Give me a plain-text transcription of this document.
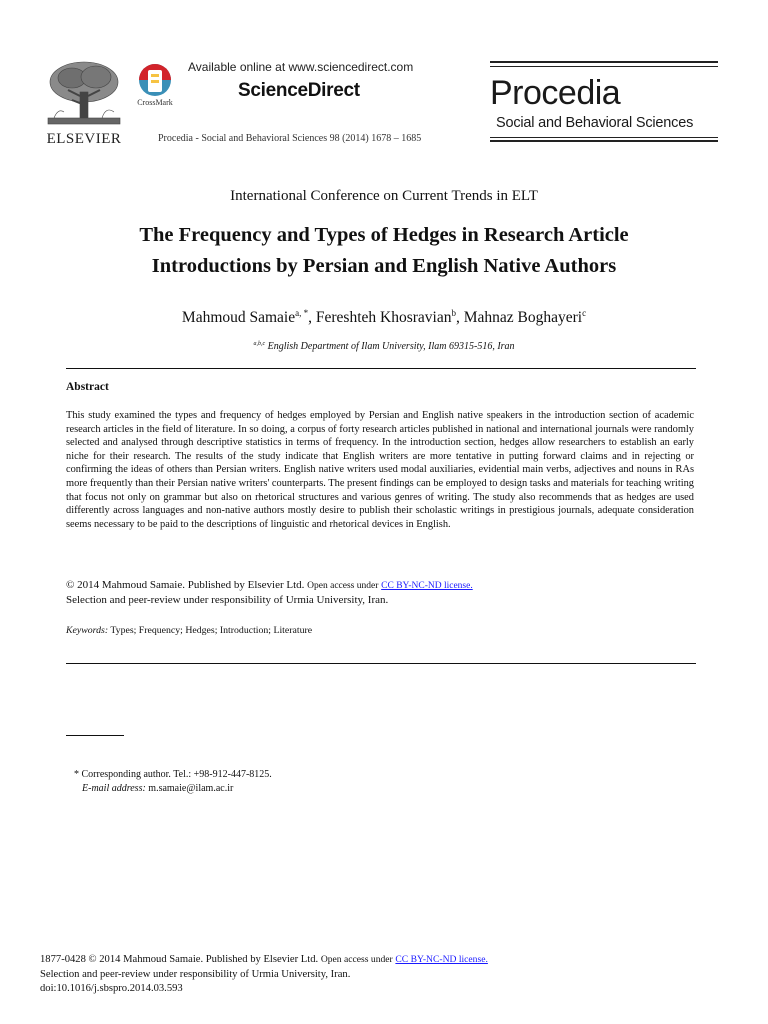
ELSEVIER
CrossMark
Available online at www.sciencedirect.com
ScienceDirect
Procedia - Social and Behavioral Sciences 98 (2014) 1678 – 1685
Procedia
Social and Behavioral Sciences
International Conference on Current Trends in ELT
The Frequency and Types of Hedges in Research Article
Introductions by Persian and English Native Authors
Mahmoud Samaie$^{a, *}$, Fereshteh Khosravian$^b$, Mahnaz Boghayeri$^c$
$^{a,b,c}$ English Department of Ilam University, Ilam 69315-516, Iran
Abstract
This study examined the types and frequency of hedges employed by Persian and English native speakers in the introduction section of academic research articles in the field of literature. In so doing, a corpus of forty research articles published in national and international journals were randomly selected and analysed through descriptive statistics in terms of frequency. In the introduction section, hedges allow researchers to establish an early niche for their research. The results of the study indicate that English writers are more tentative in putting forward claims and in rejecting or confirming the ideas of others than Persian writers. English native writers used modal auxiliaries, evidential main verbs, adjectives and nouns in RAs more frequently than their Persian native writers' counterparts. The present findings can be employed to design tasks and materials for teaching writing that focus not only on grammar but also on rhetorical structures and various genres of writing. The study also recommends that as hedges are used differently across languages and non-native authors mostly desire to publish their scholastic writings in prestigious journals, adequate consideration seems necessary to be paid to the descriptions of linguistic and rhetorical devices in English.
© 2014 Mahmoud Samaie. Published by Elsevier Ltd. Open access under CC BY-NC-ND license.
Selection and peer-review under responsibility of Urmia University, Iran.
Keywords: Types; Frequency; Hedges; Introduction; Literature
* Corresponding author. Tel.: +98-912-447-8125.
E-mail address: m.samaie@ilam.ac.ir
1877-0428 © 2014 Mahmoud Samaie. Published by Elsevier Ltd. Open access under CC BY-NC-ND license.
Selection and peer-review under responsibility of Urmia University, Iran.
doi:10.1016/j.sbspro.2014.03.593
